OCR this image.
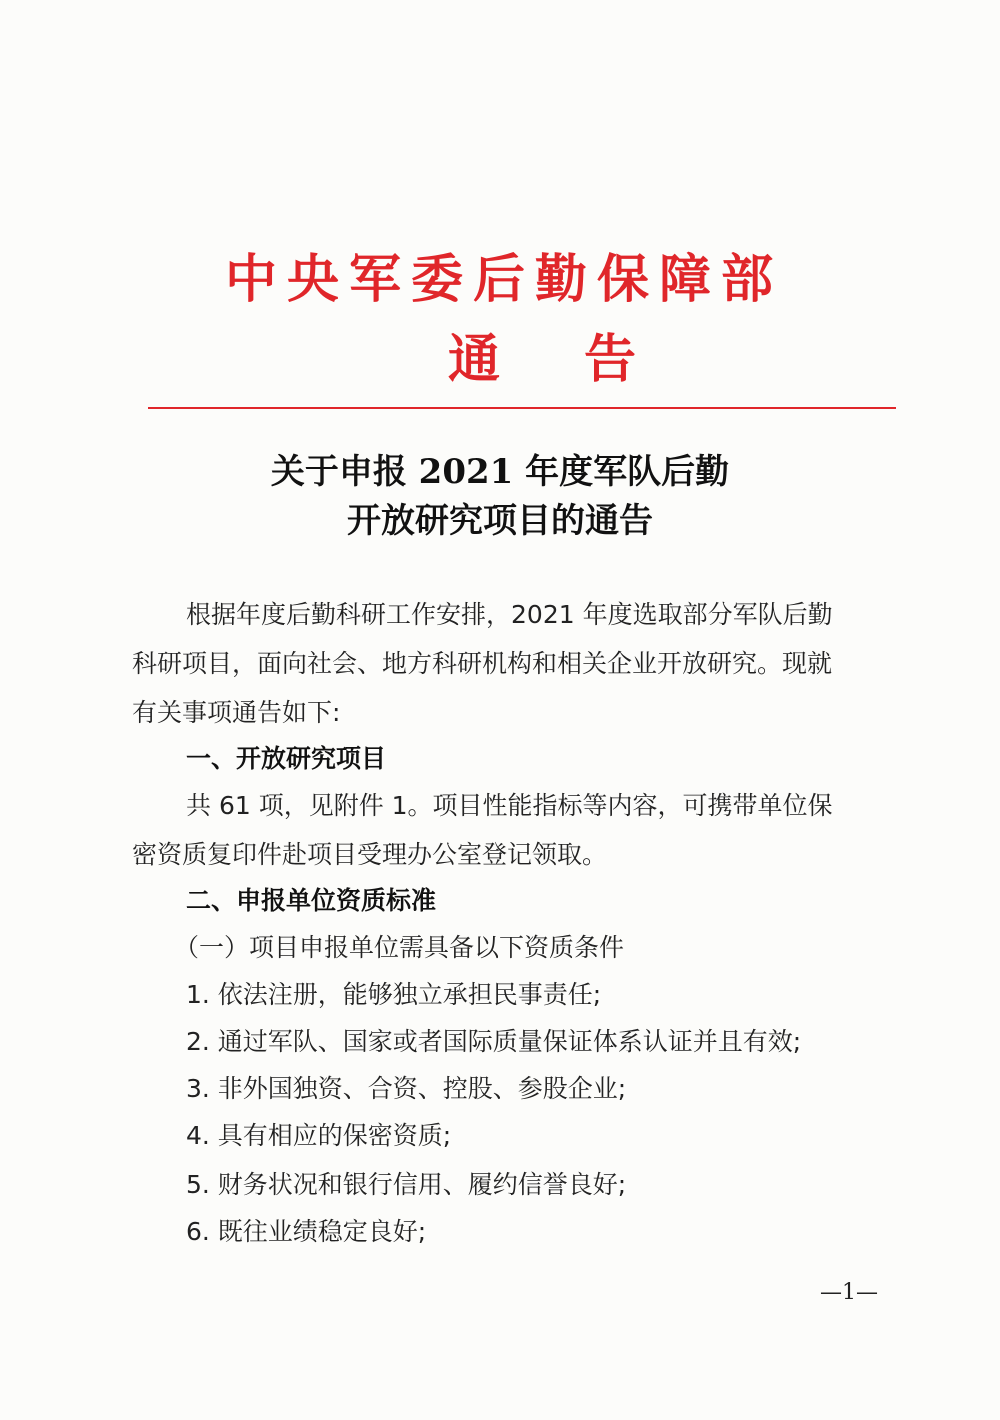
中央军委后勤保障部
通告
关于申报 2021 年度军队后勤
开放研究项目的通告
根据年度后勤科研工作安排，2021 年度选取部分军队后勤
科研项目，面向社会、地方科研机构和相关企业开放研究。现就
有关事项通告如下:
一、开放研究项目
共 61 项，见附件 1。项目性能指标等内容，可携带单位保
密资质复印件赴项目受理办公室登记领取。
二、申报单位资质标准
（一）项目申报单位需具备以下资质条件
1. 依法注册，能够独立承担民事责任;
2. 通过军队、国家或者国际质量保证体系认证并且有效;
3. 非外国独资、合资、控股、参股企业;
4. 具有相应的保密资质;
5. 财务状况和银行信用、履约信誉良好;
6. 既往业绩稳定良好;
—1—
